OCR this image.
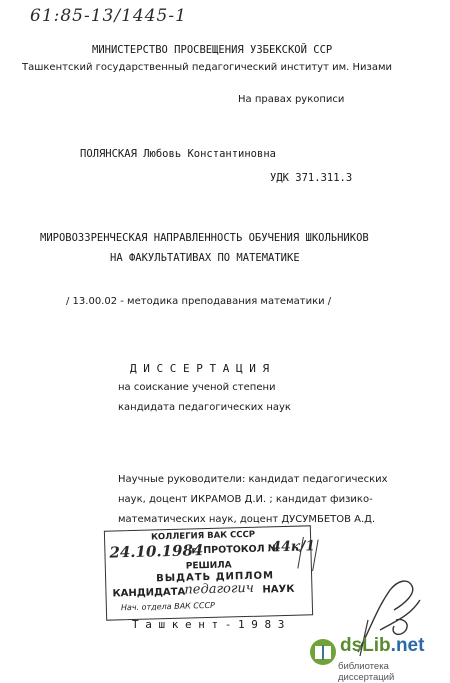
61:85-13/1445-1
МИНИСТЕРСТВО ПРОСВЕЩЕНИЯ УЗБЕКСКОЙ ССР
Ташкентский государственный педагогический институт им. Низами
На правах рукописи
ПОЛЯНСКАЯ Любовь Константиновна
УДК 371.311.3
МИРОВОЗЗРЕНЧЕСКАЯ НАПРАВЛЕННОСТЬ ОБУЧЕНИЯ ШКОЛЬНИКОВ
НА ФАКУЛЬТАТИВАХ ПО МАТЕМАТИКЕ
/ 13.00.02 - методика преподавания математики /
Д И С С Е Р Т А Ц И Я
на соискание ученой степени
кандидата педагогических наук
Научные руководители: кандидат педагогических
наук, доцент ИКРАМОВ Д.И. ; кандидат физико-
математических наук, доцент ДУСУМБЕТОВ А.Д.
КОЛЛЕГИЯ ВАК СССР
24.10.1984
г. ПРОТОКОЛ №
44к/1
РЕШИЛА
ВЫДАТЬ ДИПЛОМ
КАНДИДАТА
педагогич НАУК
Нач. отдела ВАК СССР
Т а ш к е н т - 1 9 8 3
dsLib.net
библиотека диссертаций
